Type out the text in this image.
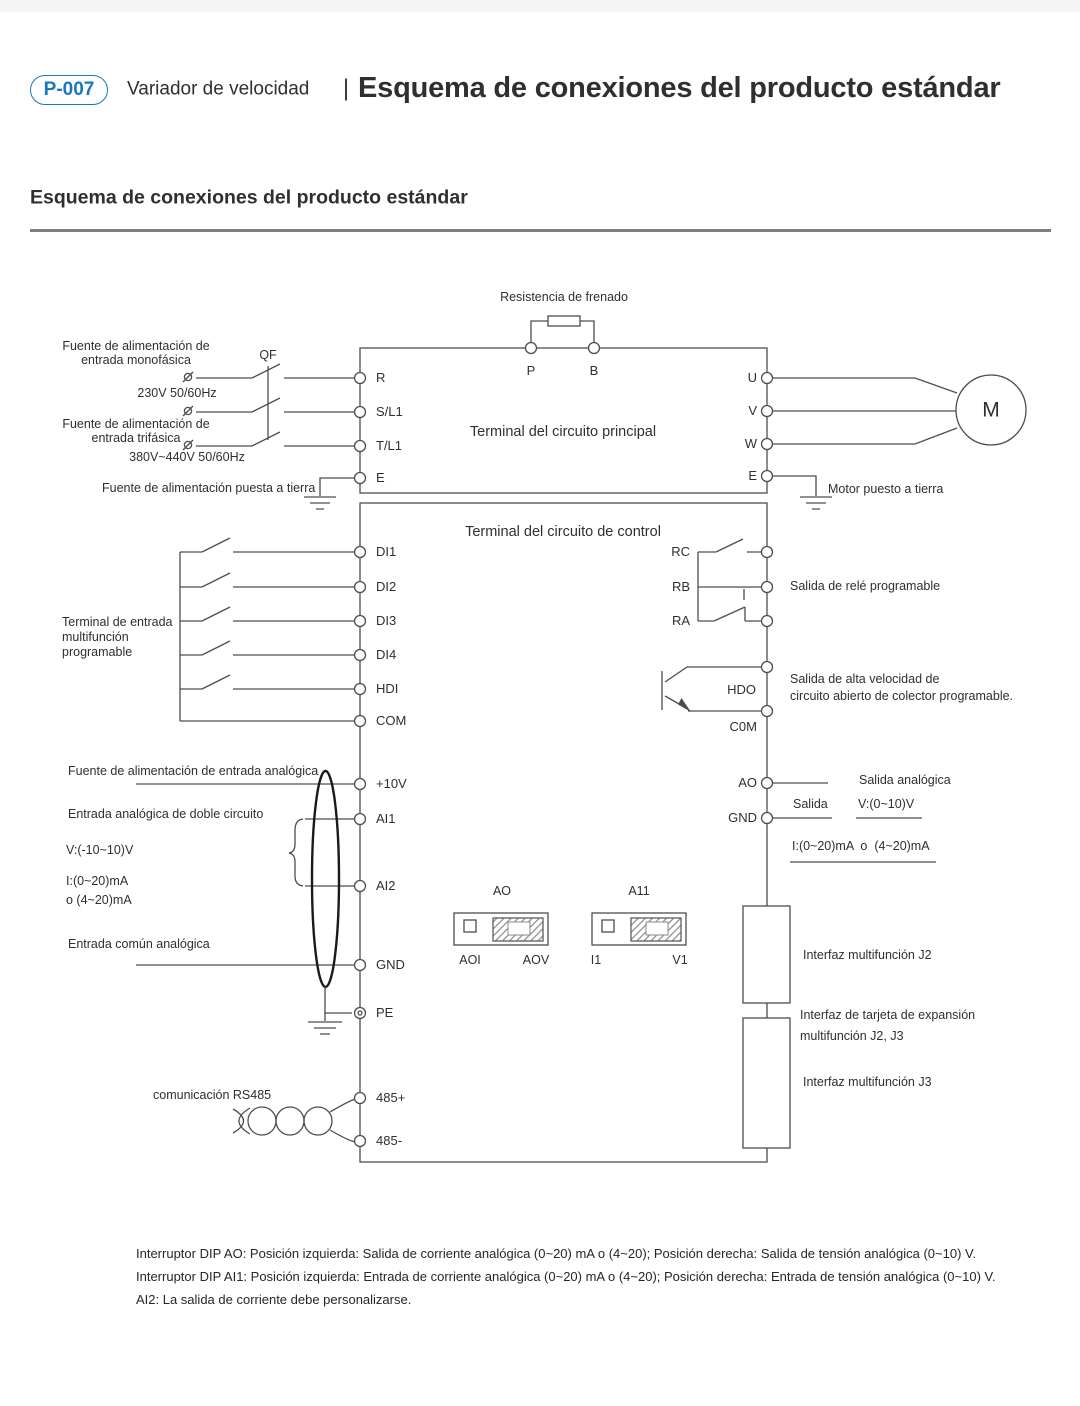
P-007 Variador de velocidad | Esquema de conexiones del producto estándar
Esquema de conexiones del producto estándar
Fuente de alimentación de
entrada monofásica
230V 50/60Hz
Fuente de alimentación de
entrada trifásica
380V~440V 50/60Hz
Fuente de alimentación puesta a tierra
QF
Resistencia de frenado
P	B
Terminal del circuito principal
R
S/L1
T/L1
E
U
V
W
E
M
Motor puesto a tierra
Terminal del circuito de control
DI1
DI2
DI3
DI4
HDI
COM
Terminal de entrada
multifunción
programable
RC
RB
RA
Salida de relé programable
HDO
C0M
Salida de alta velocidad de
circuito abierto de colector programable.
Fuente de alimentación de entrada analógica
Entrada analógica de doble circuito
V:(-10~10)V
I:(0~20)mA
o (4~20)mA
Entrada común analógica
+10V
AI1
AI2
GND
PE
AO
GND
Salida analógica
Salida V:(0~10)V
I:(0~20)mA  o  (4~20)mA
AO
AOI	AOV
A11
I1	V1	Interfaz multifunción J2
Interfaz de tarjeta de expansión
multifunción J2, J3
Interfaz multifunción J3
comunicación RS485	485+
485-
Interruptor DIP AO: Posición izquierda: Salida de corriente analógica (0~20) mA o (4~20); Posición derecha: Salida de tensión analógica (0~10) V.
Interruptor DIP AI1: Posición izquierda: Entrada de corriente analógica (0~20) mA o (4~20); Posición derecha: Entrada de tensión analógica (0~10) V.
AI2: La salida de corriente debe personalizarse.
